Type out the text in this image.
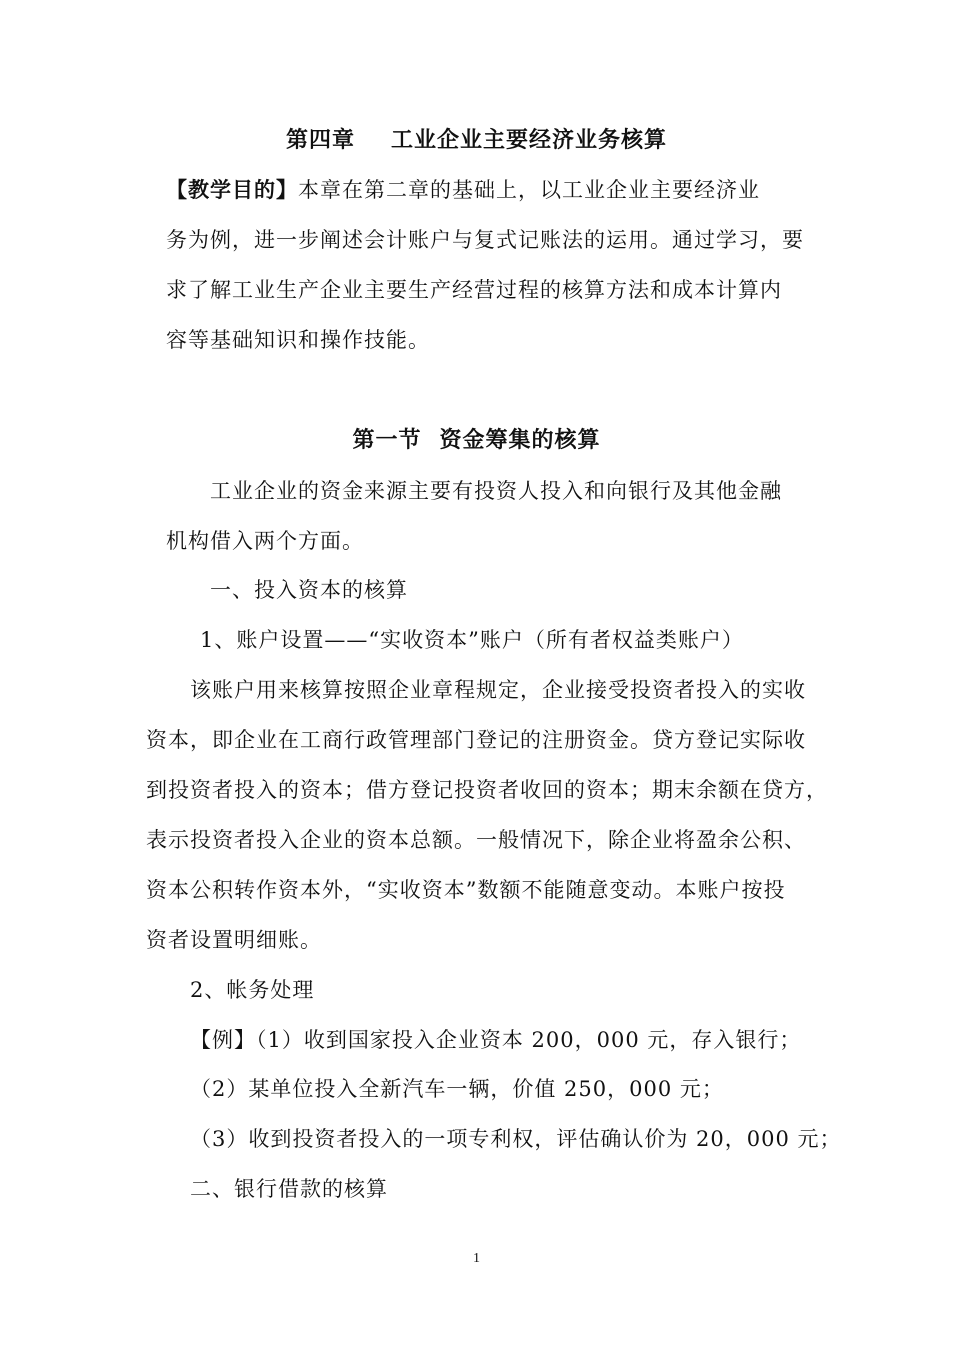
第四章 工业企业主要经济业务核算
【教学目的】本章在第二章的基础上，以工业企业主要经济业
务为例，进一步阐述会计账户与复式记账法的运用。通过学习，要
求了解工业生产企业主要生产经营过程的核算方法和成本计算内
容等基础知识和操作技能。
第一节 资金筹集的核算
工业企业的资金来源主要有投资人投入和向银行及其他金融
机构借入两个方面。
一、投入资本的核算
1、账户设置——“实收资本”账户（所有者权益类账户）
该账户用来核算按照企业章程规定，企业接受投资者投入的实收
资本，即企业在工商行政管理部门登记的注册资金。贷方登记实际收
到投资者投入的资本；借方登记投资者收回的资本；期末余额在贷方，
表示投资者投入企业的资本总额。一般情况下，除企业将盈余公积、
资本公积转作资本外，“实收资本”数额不能随意变动。本账户按投
资者设置明细账。
2、帐务处理
【例】（1）收到国家投入企业资本 200，000 元，存入银行；
（2）某单位投入全新汽车一辆，价值 250，000 元；
（3）收到投资者投入的一项专利权，评估确认价为 20，000 元；
二、银行借款的核算
1
